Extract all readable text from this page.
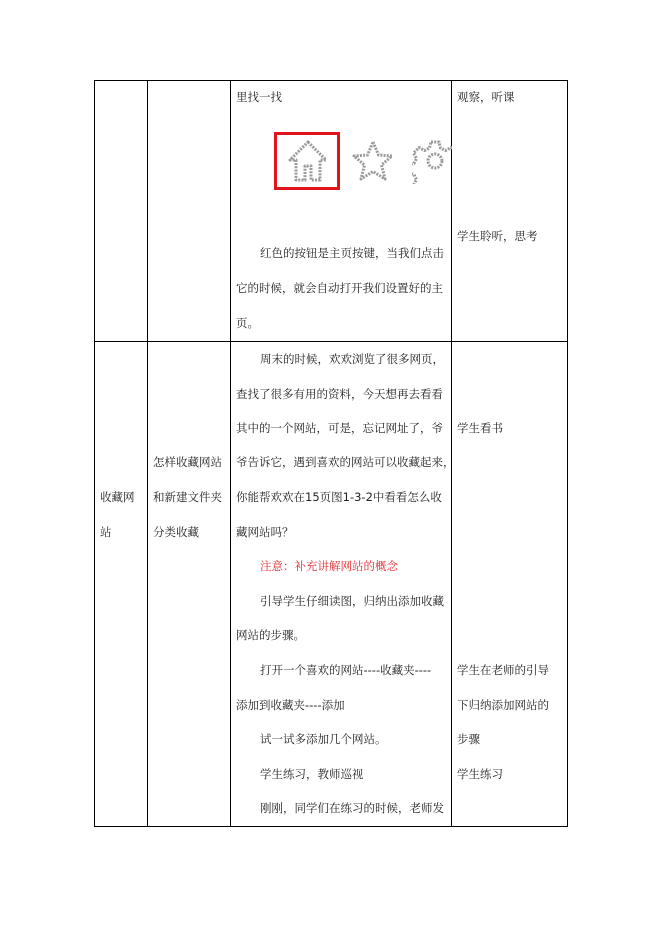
里找一找
红色的按钮是主页按键，当我们点击
它的时候，就会自动打开我们设置好的主
页。
观察，听课
学生聆听，思考
收藏网
站
怎样收藏网站
和新建文件夹
分类收藏
周末的时候，欢欢浏览了很多网页，
查找了很多有用的资料，今天想再去看看
其中的一个网站，可是，忘记网址了，爷
爷告诉它，遇到喜欢的网站可以收藏起来，
你能帮欢欢在15页图1-3-2中看看怎么收
藏网站吗？
注意：补充讲解网站的概念
引导学生仔细读图，归纳出添加收藏
网站的步骤。
打开一个喜欢的网站----收藏夹----
添加到收藏夹----添加
试一试多添加几个网站。
学生练习，教师巡视
刚刚，同学们在练习的时候，老师发
学生看书
学生在老师的引导
下归纳添加网站的
步骤
学生练习
